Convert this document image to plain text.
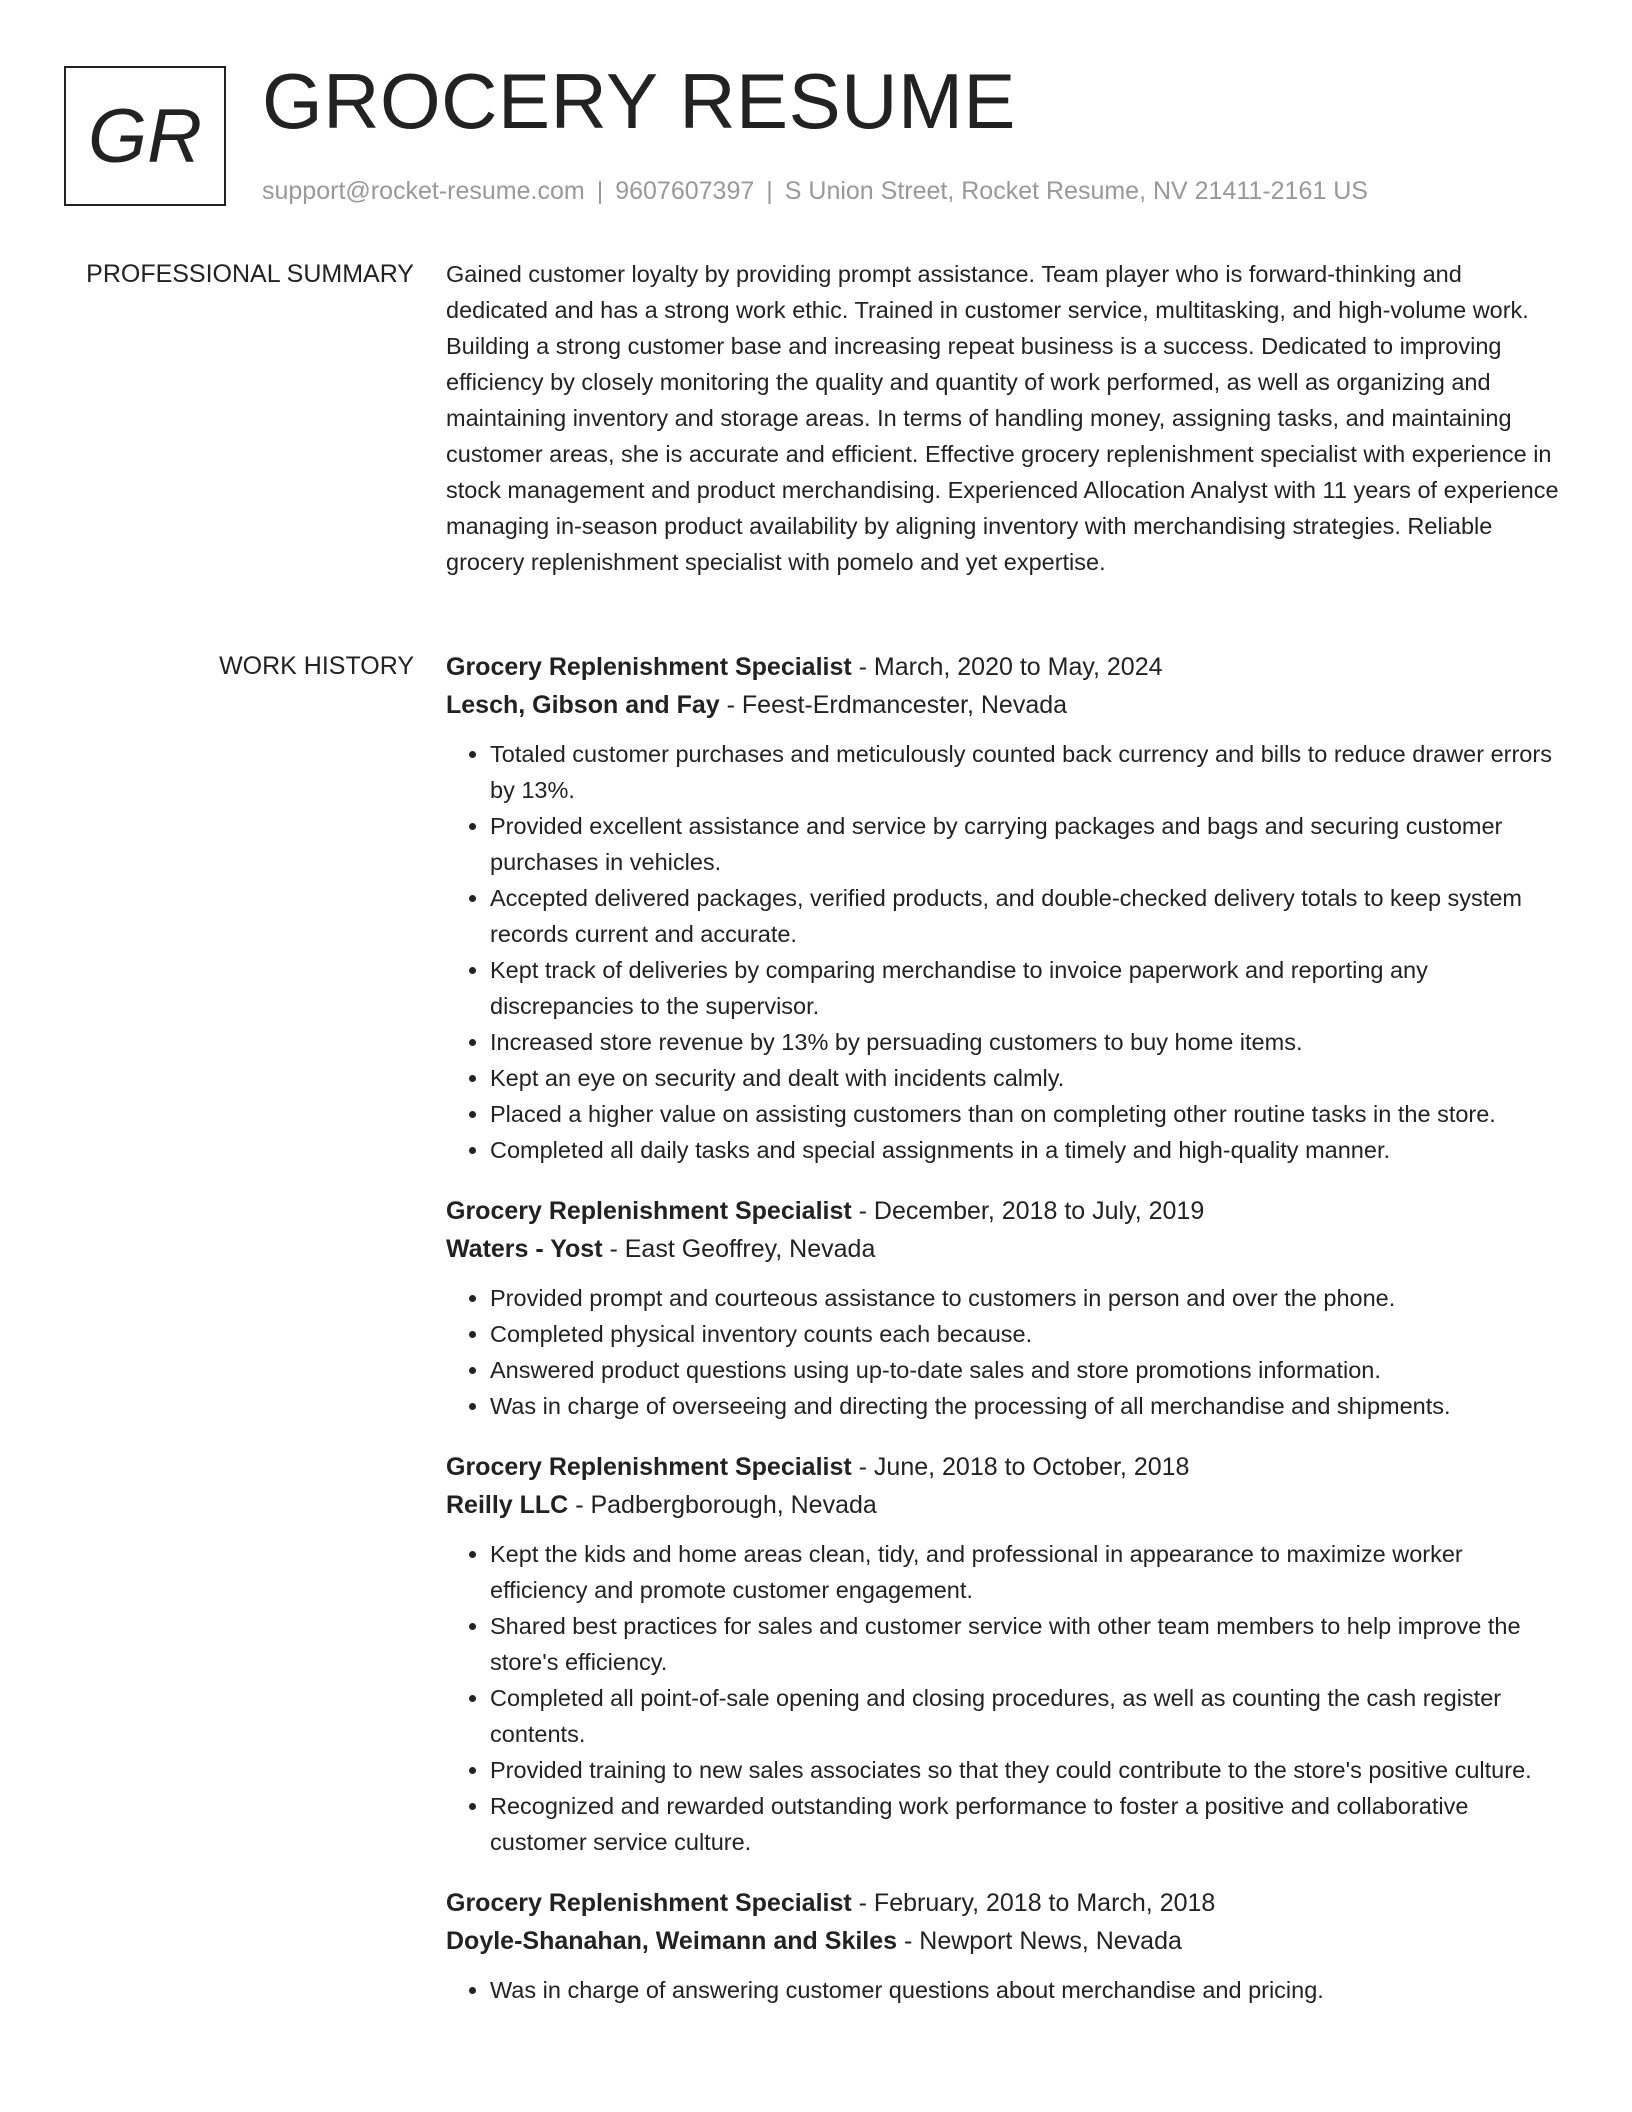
GR GROCERY RESUME
support@rocket-resume.com | 9607607397 | S Union Street, Rocket Resume, NV 21411-2161 US
PROFESSIONAL SUMMARY Gained customer loyalty by providing prompt assistance. Team player who is forward-thinking and dedicated and has a strong work ethic. Trained in customer service, multitasking, and high-volume work. Building a strong customer base and increasing repeat business is a success. Dedicated to improving efficiency by closely monitoring the quality and quantity of work performed, as well as organizing and maintaining inventory and storage areas. In terms of handling money, assigning tasks, and maintaining customer areas, she is accurate and efficient. Effective grocery replenishment specialist with experience in stock management and product merchandising. Experienced Allocation Analyst with 11 years of experience managing in-season product availability by aligning inventory with merchandising strategies. Reliable grocery replenishment specialist with pomelo and yet expertise.

WORK HISTORY Grocery Replenishment Specialist - March, 2020 to May, 2024
Lesch, Gibson and Fay - Feest-Erdmancester, Nevada
• Totaled customer purchases and meticulously counted back currency and bills to reduce drawer errors by 13%.
• Provided excellent assistance and service by carrying packages and bags and securing customer purchases in vehicles.
• Accepted delivered packages, verified products, and double-checked delivery totals to keep system records current and accurate.
• Kept track of deliveries by comparing merchandise to invoice paperwork and reporting any discrepancies to the supervisor.
• Increased store revenue by 13% by persuading customers to buy home items.
• Kept an eye on security and dealt with incidents calmly.
• Placed a higher value on assisting customers than on completing other routine tasks in the store.
• Completed all daily tasks and special assignments in a timely and high-quality manner.
Grocery Replenishment Specialist - December, 2018 to July, 2019
Waters - Yost - East Geoffrey, Nevada
• Provided prompt and courteous assistance to customers in person and over the phone.
• Completed physical inventory counts each because.
• Answered product questions using up-to-date sales and store promotions information.
• Was in charge of overseeing and directing the processing of all merchandise and shipments.
Grocery Replenishment Specialist - June, 2018 to October, 2018
Reilly LLC - Padbergborough, Nevada
• Kept the kids and home areas clean, tidy, and professional in appearance to maximize worker efficiency and promote customer engagement.
• Shared best practices for sales and customer service with other team members to help improve the store's efficiency.
• Completed all point-of-sale opening and closing procedures, as well as counting the cash register contents.
• Provided training to new sales associates so that they could contribute to the store's positive culture.
• Recognized and rewarded outstanding work performance to foster a positive and collaborative customer service culture.
Grocery Replenishment Specialist - February, 2018 to March, 2018
Doyle-Shanahan, Weimann and Skiles - Newport News, Nevada
• Was in charge of answering customer questions about merchandise and pricing.
